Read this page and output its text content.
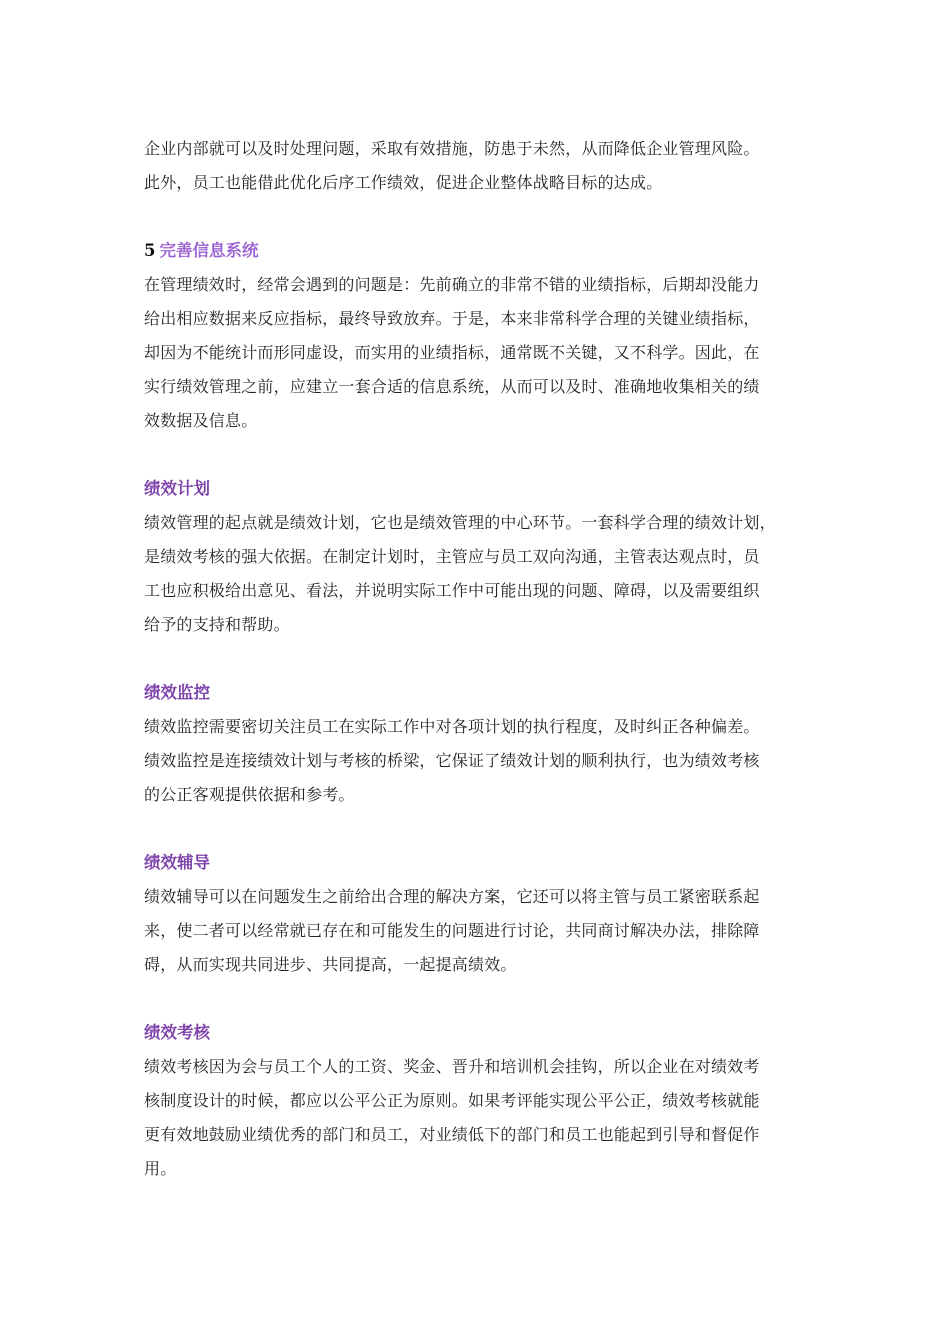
企业内部就可以及时处理问题，采取有效措施，防患于未然，从而降低企业管理风险。

此外，员工也能借此优化后序工作绩效，促进企业整体战略目标的达成。

5 完善信息系统

在管理绩效时，经常会遇到的问题是：先前确立的非常不错的业绩指标，后期却没能力

给出相应数据来反应指标，最终导致放弃。于是，本来非常科学合理的关键业绩指标，

却因为不能统计而形同虚设，而实用的业绩指标，通常既不关键，又不科学。因此，在

实行绩效管理之前，应建立一套合适的信息系统，从而可以及时、准确地收集相关的绩

效数据及信息。

绩效计划

绩效管理的起点就是绩效计划，它也是绩效管理的中心环节。一套科学合理的绩效计划，

是绩效考核的强大依据。在制定计划时，主管应与员工双向沟通，主管表达观点时，员

工也应积极给出意见、看法，并说明实际工作中可能出现的问题、障碍，以及需要组织

给予的支持和帮助。

绩效监控

绩效监控需要密切关注员工在实际工作中对各项计划的执行程度，及时纠正各种偏差。

绩效监控是连接绩效计划与考核的桥梁，它保证了绩效计划的顺利执行，也为绩效考核

的公正客观提供依据和参考。

绩效辅导

绩效辅导可以在问题发生之前给出合理的解决方案，它还可以将主管与员工紧密联系起

来，使二者可以经常就已存在和可能发生的问题进行讨论，共同商讨解决办法，排除障

碍，从而实现共同进步、共同提高，一起提高绩效。

绩效考核

绩效考核因为会与员工个人的工资、奖金、晋升和培训机会挂钩，所以企业在对绩效考

核制度设计的时候，都应以公平公正为原则。如果考评能实现公平公正，绩效考核就能

更有效地鼓励业绩优秀的部门和员工，对业绩低下的部门和员工也能起到引导和督促作

用。
